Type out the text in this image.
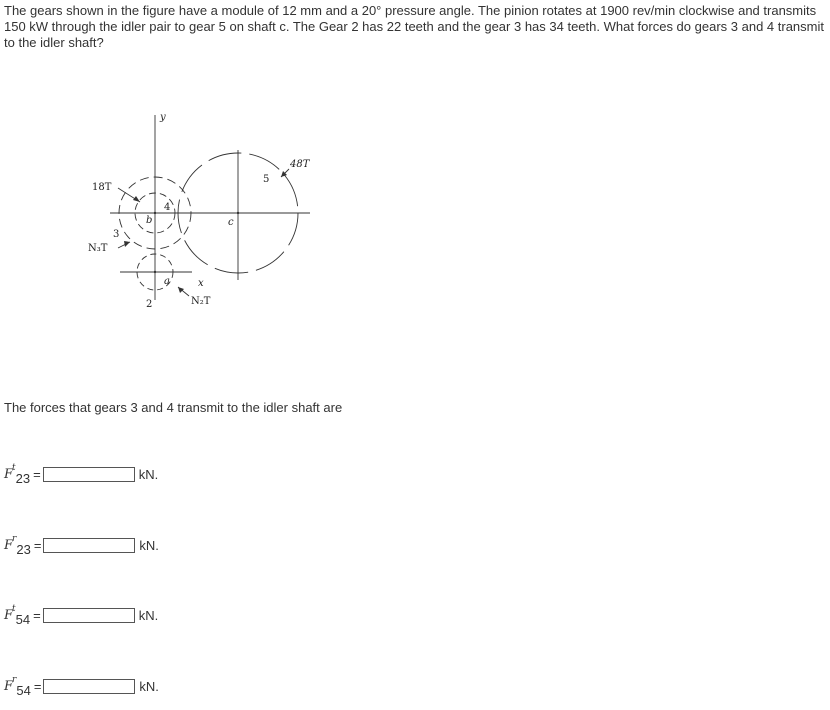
The gears shown in the figure have a module of 12 mm and a 20° pressure angle. The pinion rotates at 1900 rev/min clockwise and transmits 150 kW through the idler pair to gear 5 on shaft c. The Gear 2 has 22 teeth and the gear 3 has 34 teeth. What forces do gears 3 and 4 transmit to the idler shaft?

y
x
48T
5
18T
4
3
N₃T
b	c
a
2	N₂T

The forces that gears 3 and 4 transmit to the idler shaft are

F t
23 =	kN.
F r
23 =	kN.
F t
54 =	kN.
F r
54 =	kN.
